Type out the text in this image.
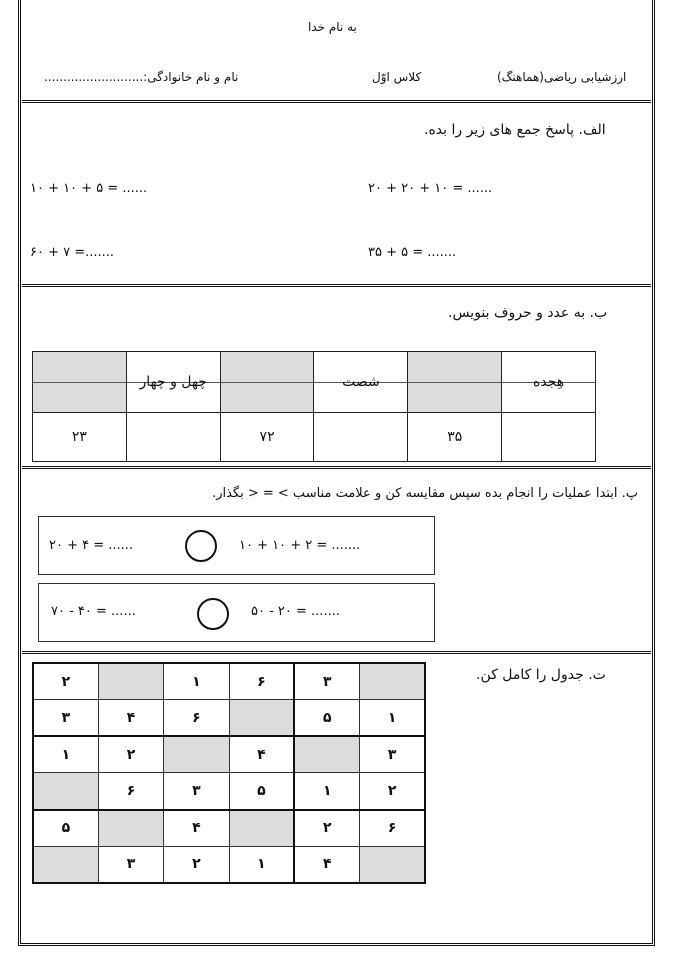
به نام خدا
ارزشیابی ریاضی(هماهنگ)
کلاس اوّل
نام و نام خانوادگی:..........................
الف. پاسخ جمع های زیر را بده.
۲۰ + ۲۰ + ۱۰ = ......
۱۰ + ۱۰ + ۵ = ......
۳۵ + ۵ = .......
۶۰ + ۷ =.......
ب. به عدد و حروف بنویس.

چهل و چهار		شصت		هِجده
۲۳		۷۲		۳۵	
پ. ابتدا عملیات را انجام بده سپس مقایسه کن و علامت مناسب > = < بگذار.
۱۰ + ۱۰ + ۲ = .......
۲۰ + ۴ = ......
۵۰ - ۲۰ = .......
۷۰ - ۴۰ = ......
ت. جدول را کامل کن.
	۳	۶	۱		۲
۱	۵		۶	۴	۳
۳		۴		۲	۱
۲	۱	۵	۳	۶	
۶	۲		۴		۵
	۴	۱	۲	۳	
